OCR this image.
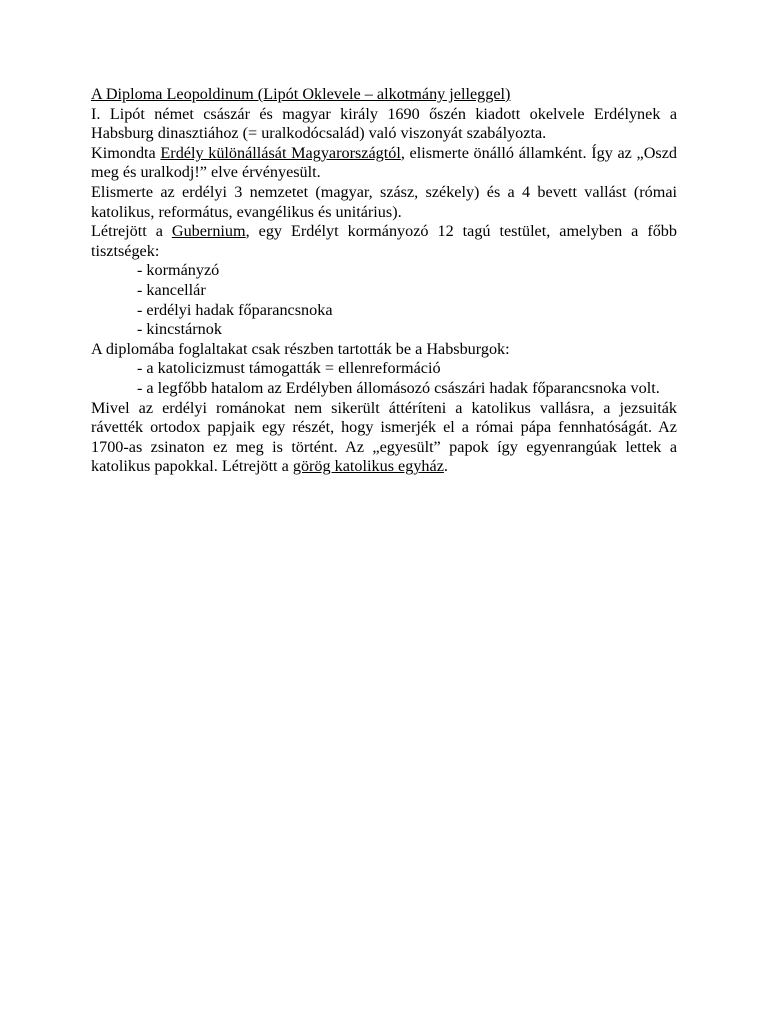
A Diploma Leopoldinum (Lipót Oklevele – alkotmány jelleggel)

I. Lipót német császár és magyar király 1690 őszén kiadott okelvele Erdélynek a Habsburg dinasztiához (= uralkodócsalád) való viszonyát szabályozta.

Kimondta Erdély különállását Magyarországtól, elismerte önálló államként. Így az „Oszd meg és uralkodj!” elve érvényesült.

Elismerte az erdélyi 3 nemzetet (magyar, szász, székely) és a 4 bevett vallást (római katolikus, református, evangélikus és unitárius).

Létrejött a Gubernium, egy Erdélyt kormányozó 12 tagú testület, amelyben a főbb tisztségek:

- kormányzó
- kancellár
- erdélyi hadak főparancsnoka
- kincstárnok

A diplomába foglaltakat csak részben tartották be a Habsburgok:

- a katolicizmust támogatták = ellenreformáció
- a legfőbb hatalom az Erdélyben állomásozó császári hadak főparancsnoka volt.

Mivel az erdélyi románokat nem sikerült áttéríteni a katolikus vallásra, a jezsuiták rávették ortodox papjaik egy részét, hogy ismerjék el a római pápa fennhatóságát. Az 1700-as zsinaton ez meg is történt. Az „egyesült” papok így egyenrangúak lettek a katolikus papokkal. Létrejött a görög katolikus egyház.
